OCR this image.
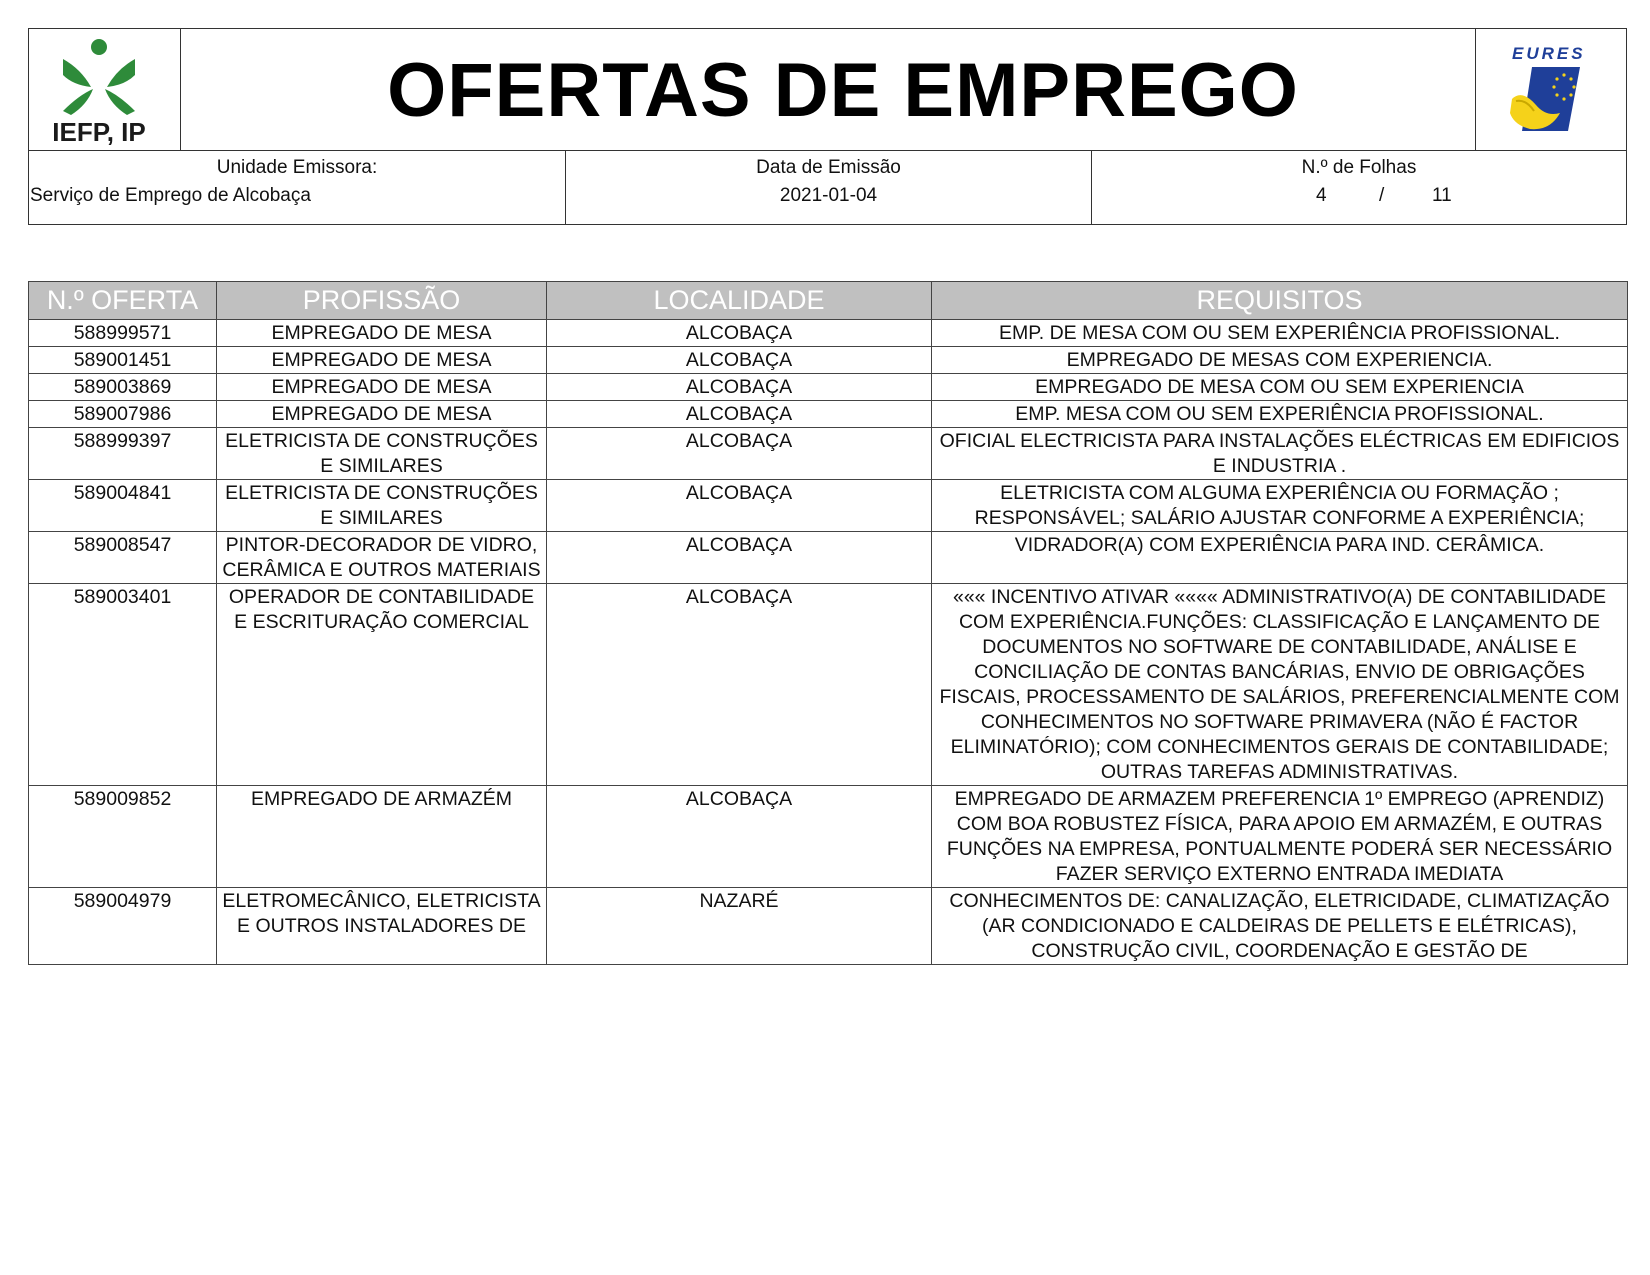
IEFP, IP	OFERTAS DE EMPREGO	EURES
Unidade Emissora:
Serviço de Emprego de Alcobaça
Data de Emissão
2021-01-04
N.º de Folhas
4	/	11
N.º OFERTA	PROFISSÃO	LOCALIDADE	REQUISITOS
588999571	EMPREGADO DE MESA	ALCOBAÇA	EMP. DE MESA COM OU SEM EXPERIÊNCIA PROFISSIONAL.
589001451	EMPREGADO DE MESA	ALCOBAÇA	EMPREGADO DE MESAS COM EXPERIENCIA.
589003869	EMPREGADO DE MESA	ALCOBAÇA	EMPREGADO DE MESA COM OU SEM EXPERIENCIA
589007986	EMPREGADO DE MESA	ALCOBAÇA	EMP. MESA COM OU SEM EXPERIÊNCIA PROFISSIONAL.
588999397	ELETRICISTA DE CONSTRUÇÕES E SIMILARES	ALCOBAÇA	OFICIAL ELECTRICISTA PARA INSTALAÇÕES ELÉCTRICAS EM EDIFICIOS E INDUSTRIA .
589004841	ELETRICISTA DE CONSTRUÇÕES E SIMILARES	ALCOBAÇA	ELETRICISTA COM ALGUMA EXPERIÊNCIA OU FORMAÇÃO ; RESPONSÁVEL; SALÁRIO AJUSTAR CONFORME A EXPERIÊNCIA;
589008547	PINTOR-DECORADOR DE VIDRO, CERÂMICA E OUTROS MATERIAIS	ALCOBAÇA	VIDRADOR(A) COM EXPERIÊNCIA PARA IND. CERÂMICA.
589003401	OPERADOR DE CONTABILIDADE E ESCRITURAÇÃO COMERCIAL	ALCOBAÇA	««« INCENTIVO ATIVAR «««« ADMINISTRATIVO(A) DE CONTABILIDADE COM EXPERIÊNCIA.FUNÇÕES: CLASSIFICAÇÃO E LANÇAMENTO DE DOCUMENTOS NO SOFTWARE DE CONTABILIDADE, ANÁLISE E CONCILIAÇÃO DE CONTAS BANCÁRIAS, ENVIO DE OBRIGAÇÕES FISCAIS, PROCESSAMENTO DE SALÁRIOS, PREFERENCIALMENTE COM CONHECIMENTOS NO SOFTWARE PRIMAVERA (NÃO É FACTOR ELIMINATÓRIO); COM CONHECIMENTOS GERAIS DE CONTABILIDADE; OUTRAS TAREFAS ADMINISTRATIVAS.
589009852	EMPREGADO DE ARMAZÉM	ALCOBAÇA	EMPREGADO DE ARMAZEM PREFERENCIA 1º EMPREGO (APRENDIZ) COM BOA ROBUSTEZ FÍSICA, PARA APOIO EM ARMAZÉM, E OUTRAS FUNÇÕES NA EMPRESA, PONTUALMENTE PODERÁ SER NECESSÁRIO FAZER SERVIÇO EXTERNO ENTRADA IMEDIATA
589004979	ELETROMECÂNICO, ELETRICISTA E OUTROS INSTALADORES DE	NAZARÉ	CONHECIMENTOS DE: CANALIZAÇÃO, ELETRICIDADE, CLIMATIZAÇÃO (AR CONDICIONADO E CALDEIRAS DE PELLETS E ELÉTRICAS), CONSTRUÇÃO CIVIL, COORDENAÇÃO E GESTÃO DE
